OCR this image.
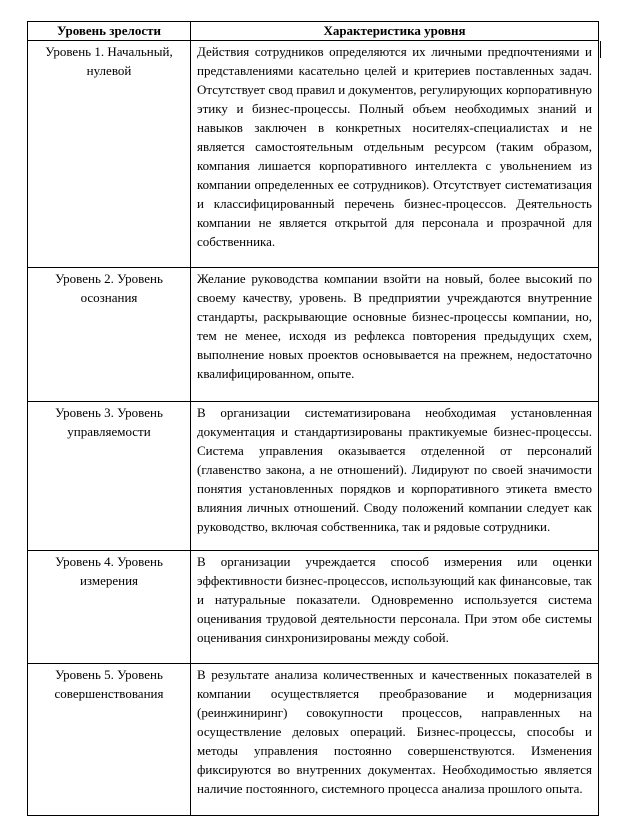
Уровень зрелости	Характеристика уровня
Уровень 1. Начальный, нулевой	Действия сотрудников определяются их личными предпочтениями и представлениями касательно целей и критериев поставленных задач. Отсутствует свод правил и документов, регулирующих корпоративную этику и бизнес-процессы. Полный объем необходимых знаний и навыков заключен в конкретных носителях-специалистах и не является самостоятельным отдельным ресурсом (таким образом, компания лишается корпоративного интеллекта с увольнением из компании определенных ее сотрудников). Отсутствует систематизация и классифицированный перечень бизнес-процессов. Деятельность компании не является открытой для персонала и прозрачной для собственника.
Уровень 2. Уровень осознания	Желание руководства компании взойти на новый, более высокий по своему качеству, уровень. В предприятии учреждаются внутренние стандарты, раскрывающие основные бизнес-процессы компании, но, тем не менее, исходя из рефлекса повторения предыдущих схем, выполнение новых проектов основывается на прежнем, недостаточно квалифицированном, опыте.
Уровень 3. Уровень управляемости	В организации систематизирована необходимая установленная документация и стандартизированы практикуемые бизнес-процессы. Система управления оказывается отделенной от персоналий (главенство закона, а не отношений). Лидируют по своей значимости понятия установленных порядков и корпоративного этикета вместо влияния личных отношений. Своду положений компании следует как руководство, включая собственника, так и рядовые сотрудники.
Уровень 4. Уровень измерения	В организации учреждается способ измерения или оценки эффективности бизнес-процессов, использующий как финансовые, так и натуральные показатели. Одновременно используется система оценивания трудовой деятельности персонала. При этом обе системы оценивания синхронизированы между собой.
Уровень 5. Уровень совершенствования	В результате анализа количественных и качественных показателей в компании осуществляется преобразование и модернизация (реинжиниринг) совокупности процессов, направленных на осуществление деловых операций. Бизнес-процессы, способы и методы управления постоянно совершенствуются. Изменения фиксируются во внутренних документах. Необходимостью является наличие постоянного, системного процесса анализа прошлого опыта.
